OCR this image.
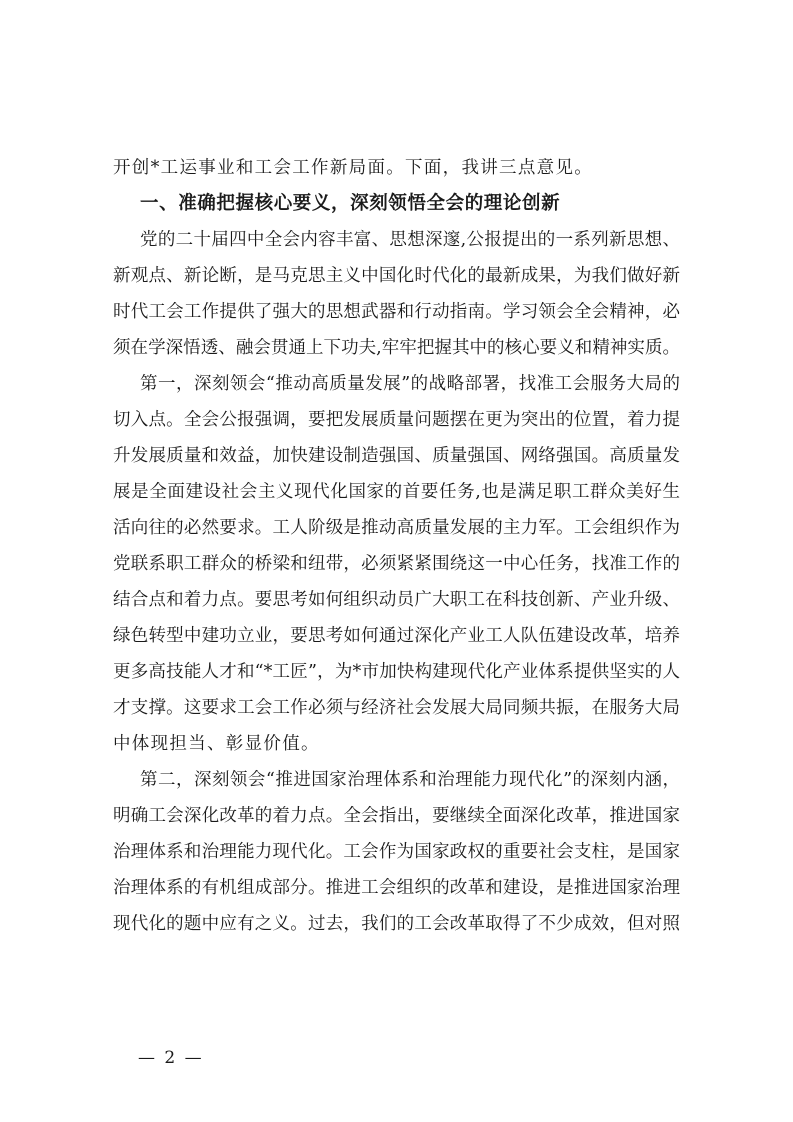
开创*工运事业和工会工作新局面。下面，我讲三点意见。
一、准确把握核心要义，深刻领悟全会的理论创新
党的二十届四中全会内容丰富、思想深邃,公报提出的一系列新思想、
新观点、新论断，是马克思主义中国化时代化的最新成果，为我们做好新
时代工会工作提供了强大的思想武器和行动指南。学习领会全会精神，必
须在学深悟透、融会贯通上下功夫,牢牢把握其中的核心要义和精神实质。
第一，深刻领会“推动高质量发展”的战略部署，找准工会服务大局的
切入点。全会公报强调，要把发展质量问题摆在更为突出的位置，着力提
升发展质量和效益，加快建设制造强国、质量强国、网络强国。高质量发
展是全面建设社会主义现代化国家的首要任务,也是满足职工群众美好生
活向往的必然要求。工人阶级是推动高质量发展的主力军。工会组织作为
党联系职工群众的桥梁和纽带，必须紧紧围绕这一中心任务，找准工作的
结合点和着力点。要思考如何组织动员广大职工在科技创新、产业升级、
绿色转型中建功立业，要思考如何通过深化产业工人队伍建设改革，培养
更多高技能人才和“*工匠”，为*市加快构建现代化产业体系提供坚实的人
才支撑。这要求工会工作必须与经济社会发展大局同频共振，在服务大局
中体现担当、彰显价值。
第二，深刻领会“推进国家治理体系和治理能力现代化”的深刻内涵，
明确工会深化改革的着力点。全会指出，要继续全面深化改革，推进国家
治理体系和治理能力现代化。工会作为国家政权的重要社会支柱，是国家
治理体系的有机组成部分。推进工会组织的改革和建设，是推进国家治理
现代化的题中应有之义。过去，我们的工会改革取得了不少成效，但对照
— 2 —
